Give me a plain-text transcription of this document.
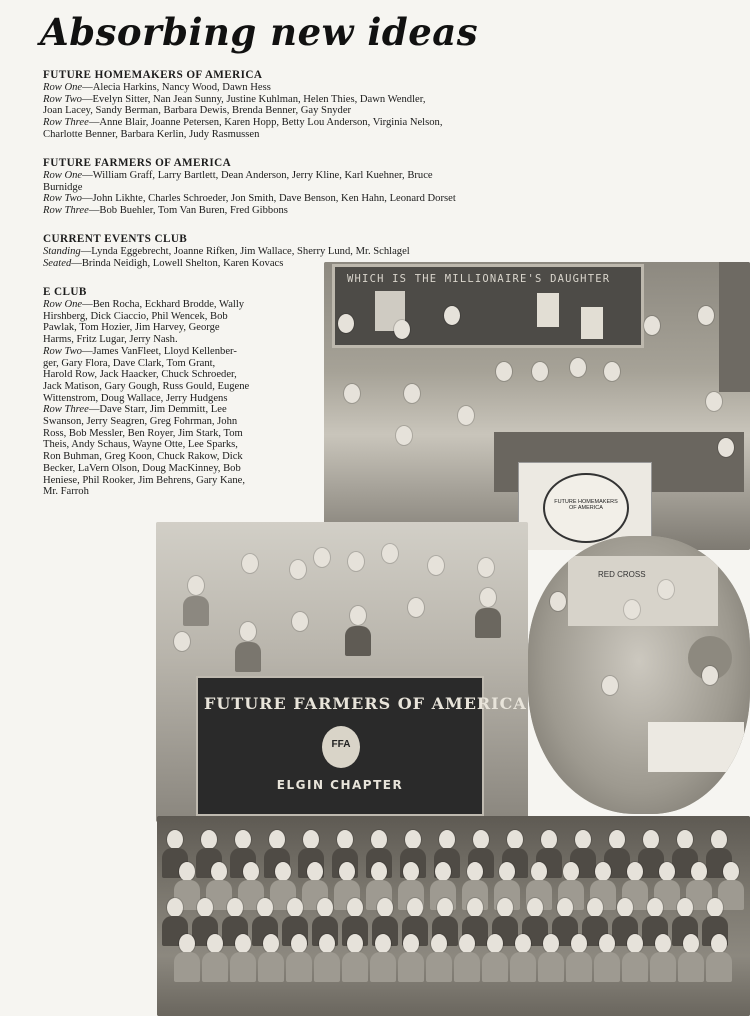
Absorbing new ideas

FUTURE HOMEMAKERS OF AMERICA

Row One—Alecia Harkins, Nancy Wood, Dawn Hess

Row Two—Evelyn Sitter, Nan Jean Sunny, Justine Kuhlman, Helen Thies, Dawn Wendler,

Joan Lacey, Sandy Berman, Barbara Dewis, Brenda Benner, Gay Snyder

Row Three—Anne Blair, Joanne Petersen, Karen Hopp, Betty Lou Anderson, Virginia Nelson,

Charlotte Benner, Barbara Kerlin, Judy Rasmussen

FUTURE FARMERS OF AMERICA

Row One—William Graff, Larry Bartlett, Dean Anderson, Jerry Kline, Karl Kuehner, Bruce

Burnidge

Row Two—John Likhte, Charles Schroeder, Jon Smith, Dave Benson, Ken Hahn, Leonard Dorset

Row Three—Bob Buehler, Tom Van Buren, Fred Gibbons

CURRENT EVENTS CLUB

Standing—Lynda Eggebrecht, Joanne Rifken, Jim Wallace, Sherry Lund, Mr. Schlagel

Seated—Brinda Neidigh, Lowell Shelton, Karen Kovacs

E CLUB

Row One—Ben Rocha, Eckhard Brodde, Wally

Hirshberg, Dick Ciaccio, Phil Wencek, Bob

Pawlak, Tom Hozier, Jim Harvey, George

Harms, Fritz Lugar, Jerry Nash.

Row Two—James VanFleet, Lloyd Kellenber-

ger, Gary Flora, Dave Clark, Tom Grant,

Harold Row, Jack Haacker, Chuck Schroeder,

Jack Matison, Gary Gough, Russ Gould, Eugene

Wittenstrom, Doug Wallace, Jerry Hudgens

Row Three—Dave Starr, Jim Demmitt, Lee

Swanson, Jerry Seagren, Greg Fohrman, John

Ross, Bob Messler, Ben Royer, Jim Stark, Tom

Theis, Andy Schaus, Wayne Otte, Lee Sparks,

Ron Buhman, Greg Koon, Chuck Rakow, Dick

Becker, LaVern Olson, Doug MacKinney, Bob

Heniese, Phil Rooker, Jim Behrens, Gary Kane,

Mr. Farroh

WHICH IS THE MILLIONAIRE'S DAUGHTER
FUTURE HOMEMAKERS OF AMERICA
FUTURE FARMERS OF AMERICA
FFA
ELGIN CHAPTER
RED CROSS
